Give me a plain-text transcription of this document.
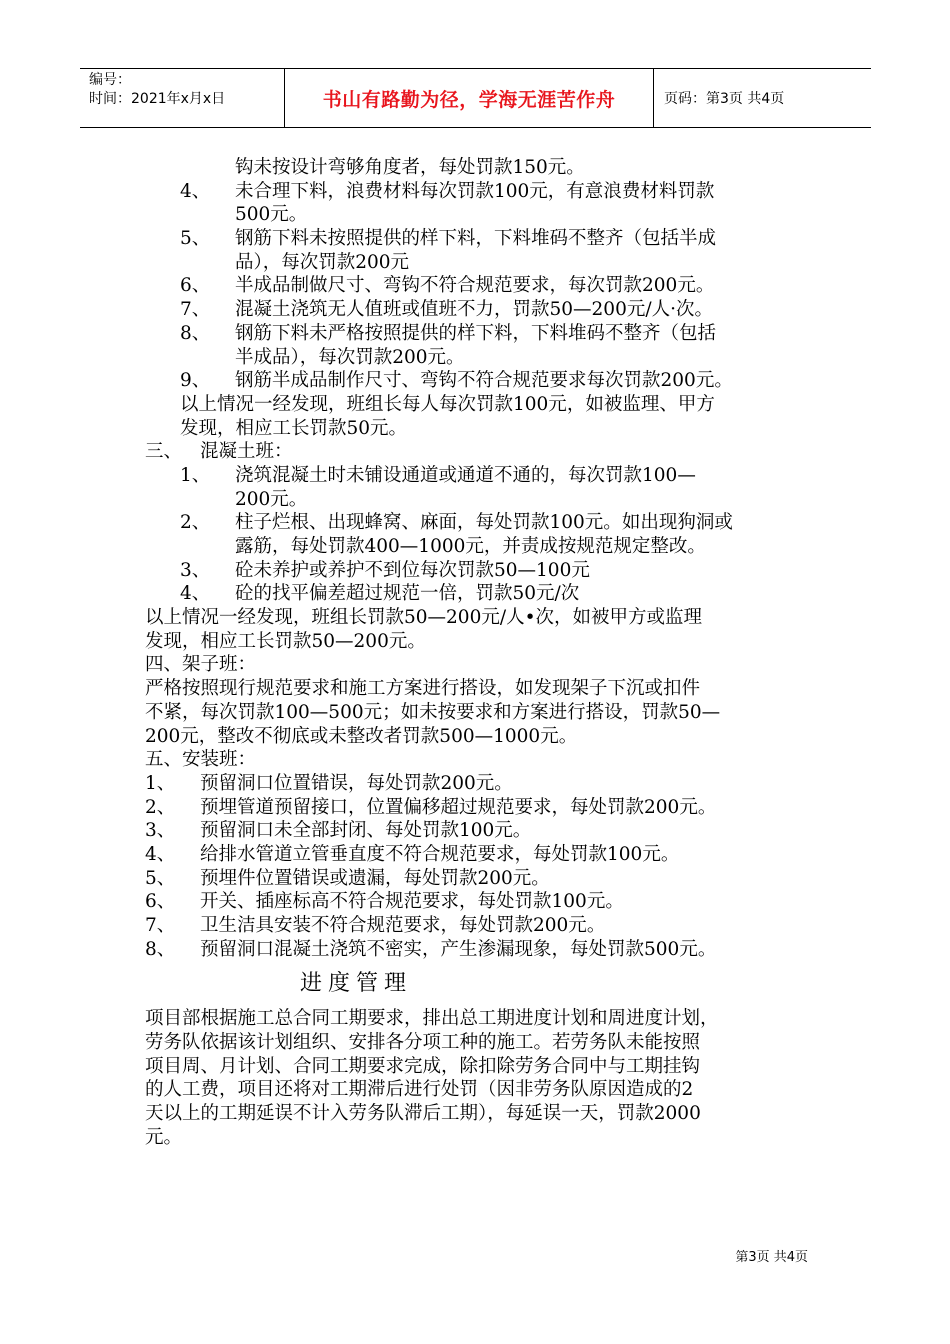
编号：
时间：2021年x月x日	书山有路勤为径，学海无涯苦作舟	页码：第3页 共4页
钩未按设计弯够角度者，每处罚款150元。
4、 未合理下料，浪费材料每次罚款100元，有意浪费材料罚款
500元。
5、 钢筋下料未按照提供的样下料，下料堆码不整齐（包括半成
品），每次罚款200元
6、 半成品制做尺寸、弯钩不符合规范要求，每次罚款200元。
7、 混凝土浇筑无人值班或值班不力，罚款50—200元/人·次。
8、 钢筋下料未严格按照提供的样下料，下料堆码不整齐（包括
半成品），每次罚款200元。
9、 钢筋半成品制作尺寸、弯钩不符合规范要求每次罚款200元。
以上情况一经发现，班组长每人每次罚款100元，如被监理、甲方
发现，相应工长罚款50元。
三、 混凝土班：
1、 浇筑混凝土时未铺设通道或通道不通的，每次罚款100—
200元。
2、 柱子烂根、出现蜂窝、麻面，每处罚款100元。如出现狗洞或
露筋，每处罚款400—1000元，并责成按规范规定整改。
3、 砼未养护或养护不到位每次罚款50—100元
4、 砼的找平偏差超过规范一倍，罚款50元/次
以上情况一经发现，班组长罚款50—200元/人•次，如被甲方或监理
发现，相应工长罚款50—200元。
四、架子班：
严格按照现行规范要求和施工方案进行搭设，如发现架子下沉或扣件
不紧，每次罚款100—500元；如未按要求和方案进行搭设，罚款50—
200元，整改不彻底或未整改者罚款500—1000元。
五、安装班：
1、 预留洞口位置错误，每处罚款200元。
2、 预埋管道预留接口，位置偏移超过规范要求，每处罚款200元。
3、 预留洞口未全部封闭、每处罚款100元。
4、 给排水管道立管垂直度不符合规范要求，每处罚款100元。
5、 预埋件位置错误或遗漏，每处罚款200元。
6、 开关、插座标高不符合规范要求，每处罚款100元。
7、 卫生洁具安装不符合规范要求，每处罚款200元。
8、 预留洞口混凝土浇筑不密实，产生渗漏现象，每处罚款500元。
进度管理
项目部根据施工总合同工期要求，排出总工期进度计划和周进度计划，
劳务队依据该计划组织、安排各分项工种的施工。若劳务队未能按照
项目周、月计划、合同工期要求完成，除扣除劳务合同中与工期挂钩
的人工费，项目还将对工期滞后进行处罚（因非劳务队原因造成的2
天以上的工期延误不计入劳务队滞后工期），每延误一天，罚款2000
元。
第3页 共4页
